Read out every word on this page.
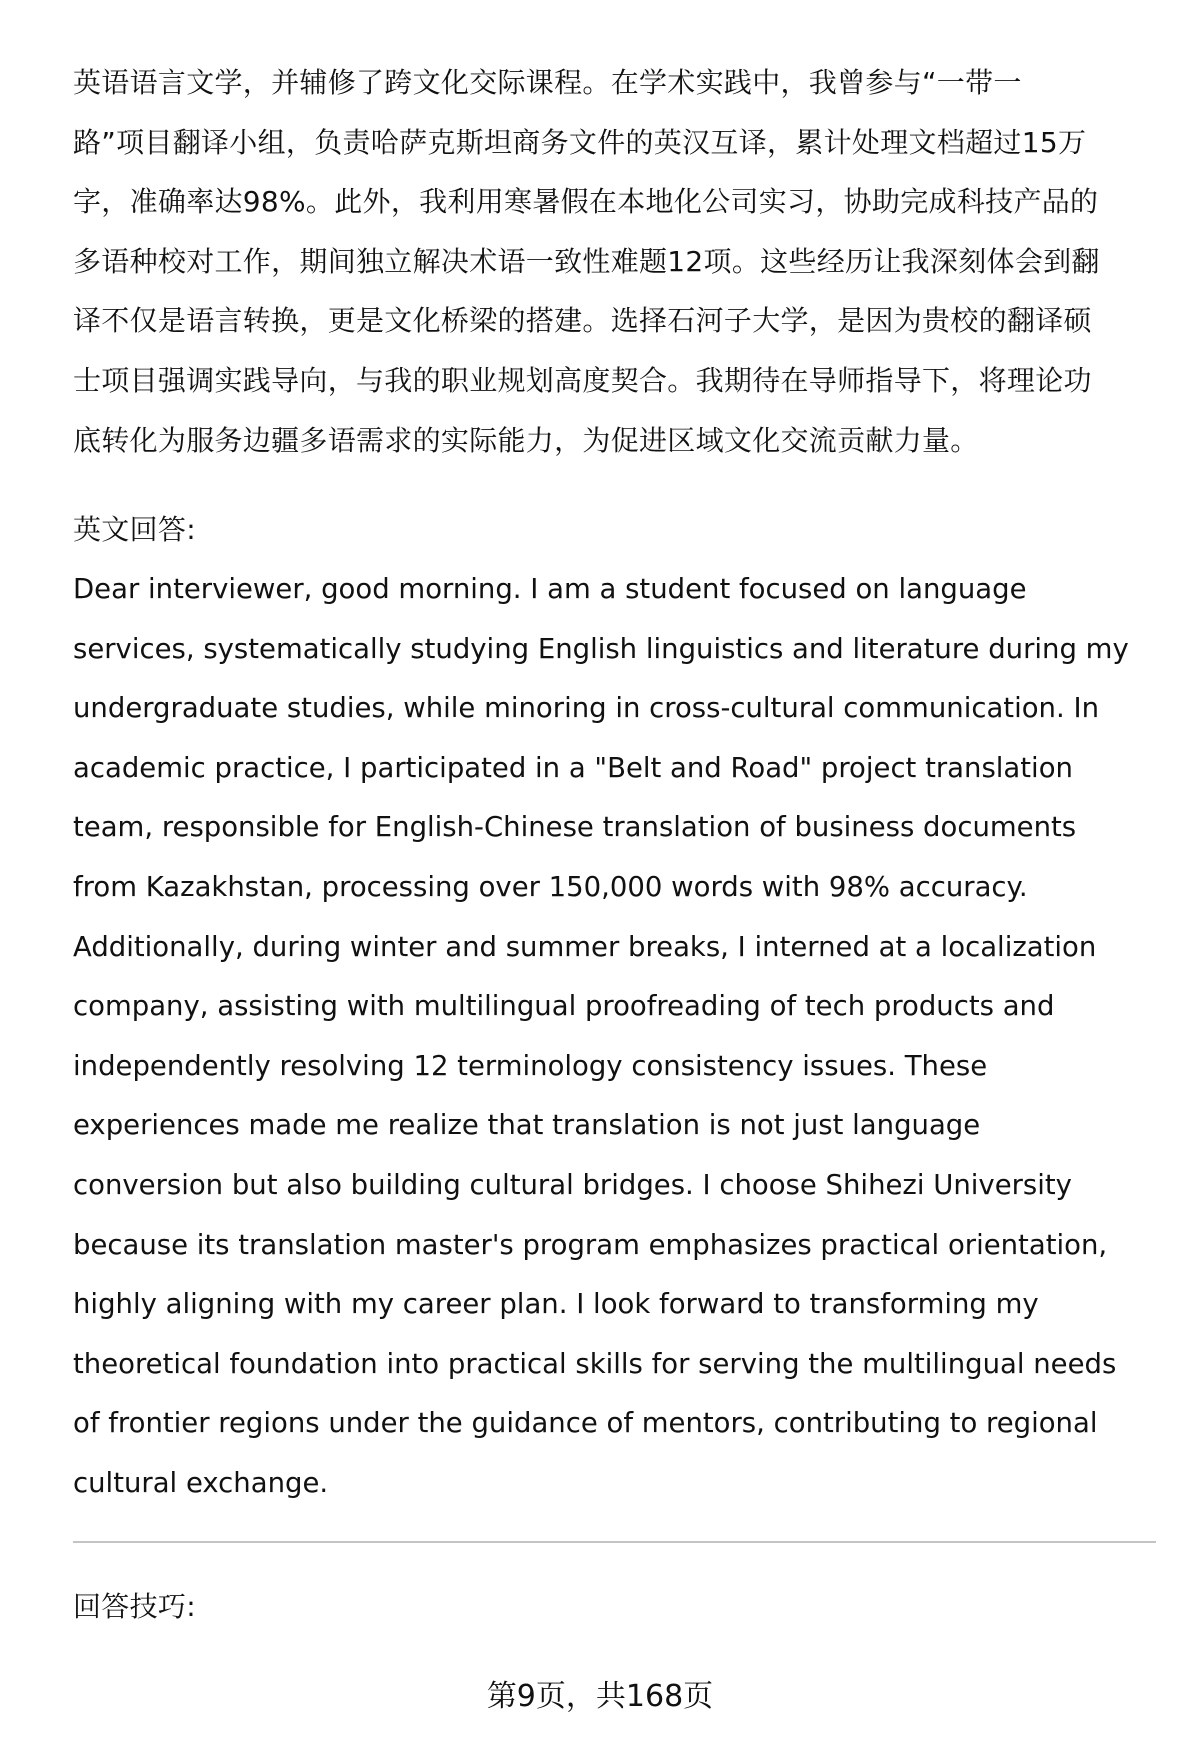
英语语言文学，并辅修了跨文化交际课程。在学术实践中，我曾参与“一带一
路”项目翻译小组，负责哈萨克斯坦商务文件的英汉互译，累计处理文档超过15万
字，准确率达98%。此外，我利用寒暑假在本地化公司实习，协助完成科技产品的
多语种校对工作，期间独立解决术语一致性难题12项。这些经历让我深刻体会到翻
译不仅是语言转换，更是文化桥梁的搭建。选择石河子大学，是因为贵校的翻译硕
士项目强调实践导向，与我的职业规划高度契合。我期待在导师指导下，将理论功
底转化为服务边疆多语需求的实际能力，为促进区域文化交流贡献力量。
英文回答:
Dear interviewer, good morning. I am a student focused on language
services, systematically studying English linguistics and literature during my
undergraduate studies, while minoring in cross-cultural communication. In
academic practice, I participated in a "Belt and Road" project translation
team, responsible for English-Chinese translation of business documents
from Kazakhstan, processing over 150,000 words with 98% accuracy.
Additionally, during winter and summer breaks, I interned at a localization
company, assisting with multilingual proofreading of tech products and
independently resolving 12 terminology consistency issues. These
experiences made me realize that translation is not just language
conversion but also building cultural bridges. I choose Shihezi University
because its translation master's program emphasizes practical orientation,
highly aligning with my career plan. I look forward to transforming my
theoretical foundation into practical skills for serving the multilingual needs
of frontier regions under the guidance of mentors, contributing to regional
cultural exchange.
回答技巧:
第9页，共168页
